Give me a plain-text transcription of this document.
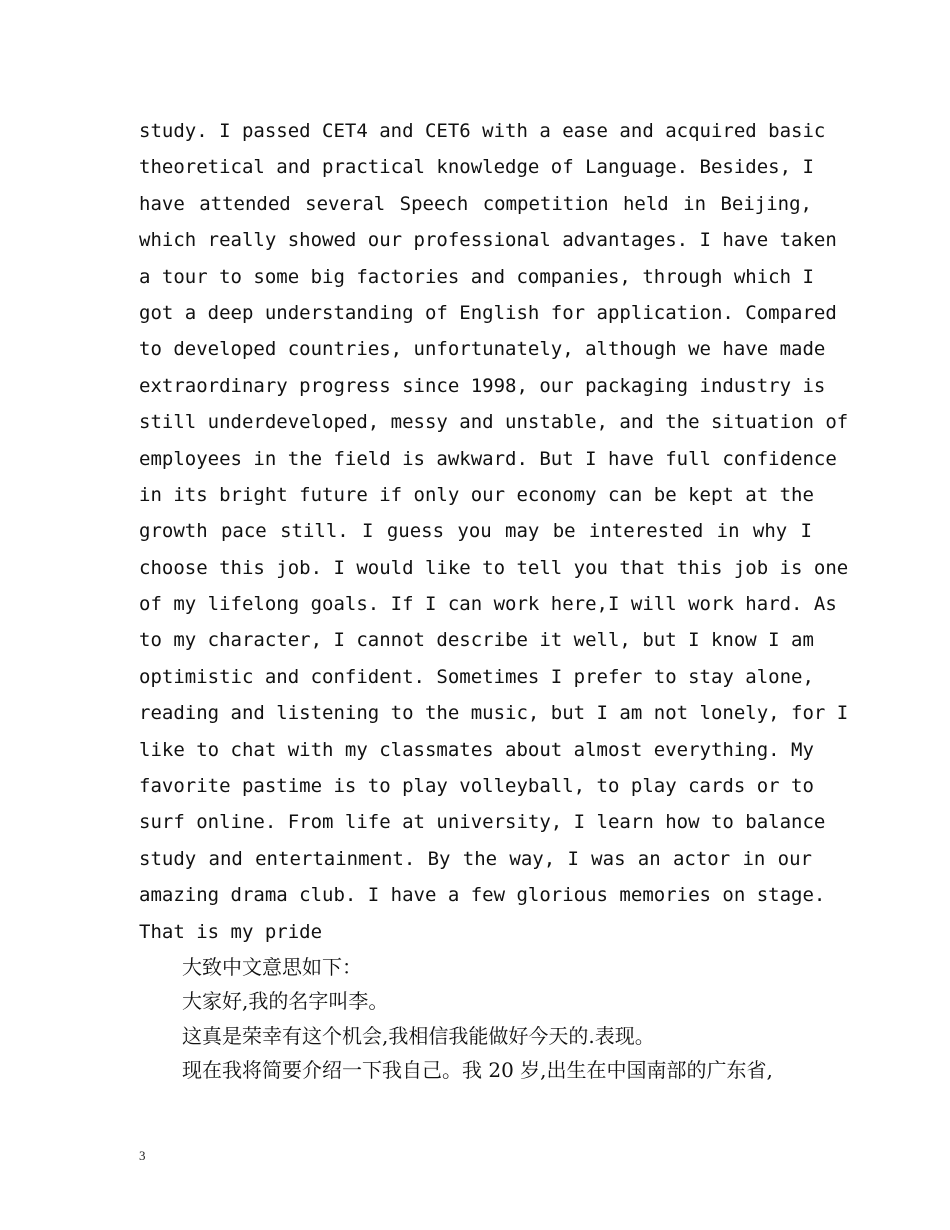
study. I passed CET4 and CET6 with a ease and acquired basic
theoretical and practical knowledge of Language. Besides, I
have attended several Speech competition held in Beijing,
which really showed our professional advantages. I have taken
a tour to some big factories and companies, through which I
got a deep understanding of English for application. Compared
to developed countries, unfortunately, although we have made
extraordinary progress since 1998, our packaging industry is
still underdeveloped, messy and unstable, and the situation of
employees in the field is awkward. But I have full confidence
in its bright future if only our economy can be kept at the
growth pace still. I guess you may be interested in why I
choose this job. I would like to tell you that this job is one
of my lifelong goals. If I can work here,I will work hard. As
to my character, I cannot describe it well, but I know I am
optimistic and confident. Sometimes I prefer to stay alone,
reading and listening to the music, but I am not lonely, for I
like to chat with my classmates about almost everything. My
favorite pastime is to play volleyball, to play cards or to
surf online. From life at university, I learn how to balance
study and entertainment. By the way, I was an actor in our
amazing drama club. I have a few glorious memories on stage.
That is my pride
大致中文意思如下：
大家好,我的名字叫李。
这真是荣幸有这个机会,我相信我能做好今天的.表现。
现在我将简要介绍一下我自己。我 20 岁,出生在中国南部的广东省,
3
